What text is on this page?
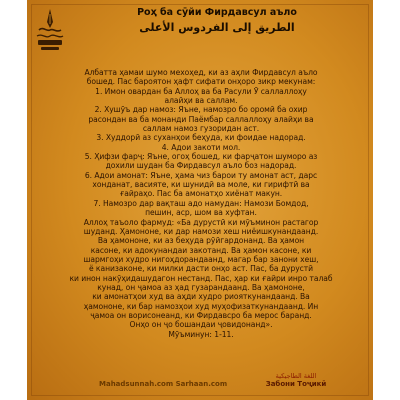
Роҳ ба сӯйи Фирдавсул аъло
الطريق إلى الفردوس الأعلى
Албатта ҳамаи шумо мехоҳед, ки аз аҳли Фирдавсул аъло
бошед. Пас бароятон ҳафт сифати онҳоро зикр мекунам:
1. Имон овардан ба Аллоҳ ва ба Расули Ӯ саллаллоҳу
алайҳи ва саллам.
2. Хушӯъ дар намоз: Яъне, намозро бо оромӣ ба охир
расондан ва ба монанди Паёмбар саллаллоҳу алайҳи ва
саллам намоз гузоридан аст.
3. Худдорӣ аз суханҳои беҳуда, ки фоидае надорад.
4. Адои закоти мол.
5. Ҳифзи фарҷ: Яъне, огоҳ бошед, ки фарҷатон шуморо аз
дохили шудан ба Фирдавсул аъло боз надорад.
6. Адои амонат: Яъне, ҳама чиз барои ту амонат аст, дарс
хонданат, васияте, ки шунидӣ ва моле, ки гирифтӣ ва
ғайраҳо. Пас ба амонатҳо хиёнат макун.
7. Намозро дар вақташ адо намудан: Намози Бомдод,
пешин, аср, шом ва хуфтан.
Аллоҳ таъоло фармуд: «Ба дурустӣ ки мӯъминон растагор
шуданд. Ҳамононе, ки дар намози хеш ниёишкунандаанд.
Ва ҳамононе, ки аз беҳуда рӯйгардонанд. Ва ҳамон
касоне, ки адокунандаи закотанд. Ва ҳамон касоне, ки
шармгоҳи худро нигоҳдорандаанд, магар бар занони хеш,
ё канизаконе, ки милки дасти онҳо аст. Пас, ба дурустӣ
ки инон накӯҳидашудагон нестанд. Пас, ҳар ки ғайри инро талаб
кунад, он ҷамоа аз ҳад гузарандаанд. Ва ҳамононе,
ки амонатҳои худ ва аҳди худро риояткунандаанд. Ва
ҳамононе, ки бар намозҳои худ муҳофизаткунандаанд. Ин
ҷамоа он ворисонеанд, ки Фирдавсро ба мерос баранд.
Онҳо он ҷо бошандаи ҷовидонанд».
Мӯъминун: 1-11.
Mahadsunnah.com Sarhaan.com
اللغة الطاجيكية
Забони Тоҷикӣ
